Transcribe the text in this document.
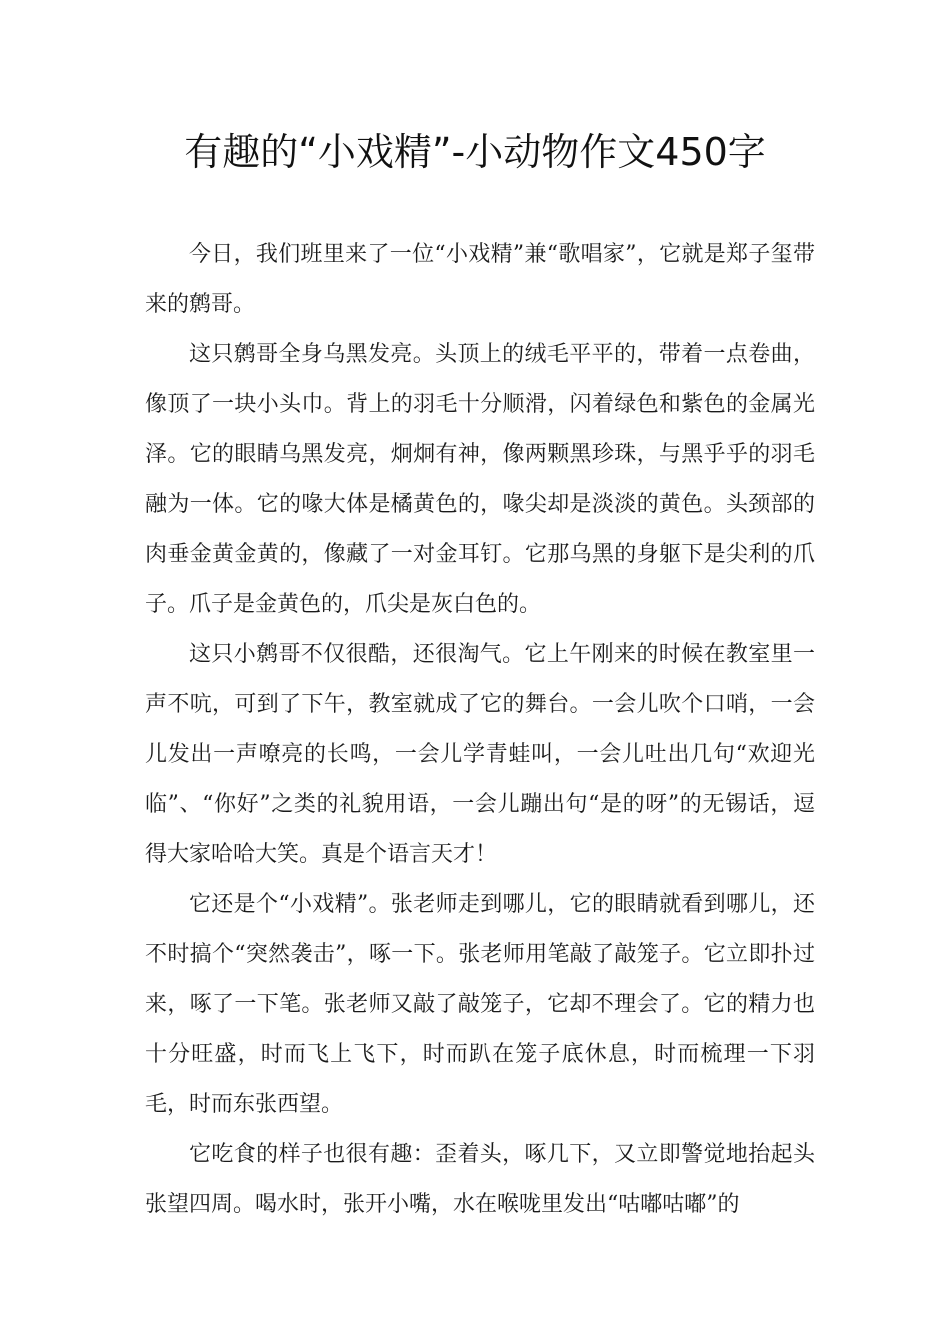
有趣的“小戏精”-小动物作文450字

今日，我们班里来了一位“小戏精”兼“歌唱家”，它就是郑子玺带来的鹩哥。

这只鹩哥全身乌黑发亮。头顶上的绒毛平平的，带着一点卷曲，像顶了一块小头巾。背上的羽毛十分顺滑，闪着绿色和紫色的金属光泽。它的眼睛乌黑发亮，炯炯有神，像两颗黑珍珠，与黑乎乎的羽毛融为一体。它的喙大体是橘黄色的，喙尖却是淡淡的黄色。头颈部的肉垂金黄金黄的，像藏了一对金耳钉。它那乌黑的身躯下是尖利的爪子。爪子是金黄色的，爪尖是灰白色的。

这只小鹩哥不仅很酷，还很淘气。它上午刚来的时候在教室里一声不吭，可到了下午，教室就成了它的舞台。一会儿吹个口哨，一会儿发出一声嘹亮的长鸣，一会儿学青蛙叫，一会儿吐出几句“欢迎光临”、“你好”之类的礼貌用语，一会儿蹦出句“是的呀”的无锡话，逗得大家哈哈大笑。真是个语言天才！

它还是个“小戏精”。张老师走到哪儿，它的眼睛就看到哪儿，还不时搞个“突然袭击”，啄一下。张老师用笔敲了敲笼子。它立即扑过来，啄了一下笔。张老师又敲了敲笼子，它却不理会了。它的精力也十分旺盛，时而飞上飞下，时而趴在笼子底休息，时而梳理一下羽毛，时而东张西望。

它吃食的样子也很有趣：歪着头，啄几下，又立即警觉地抬起头张望四周。喝水时，张开小嘴，水在喉咙里发出“咕嘟咕嘟”的
